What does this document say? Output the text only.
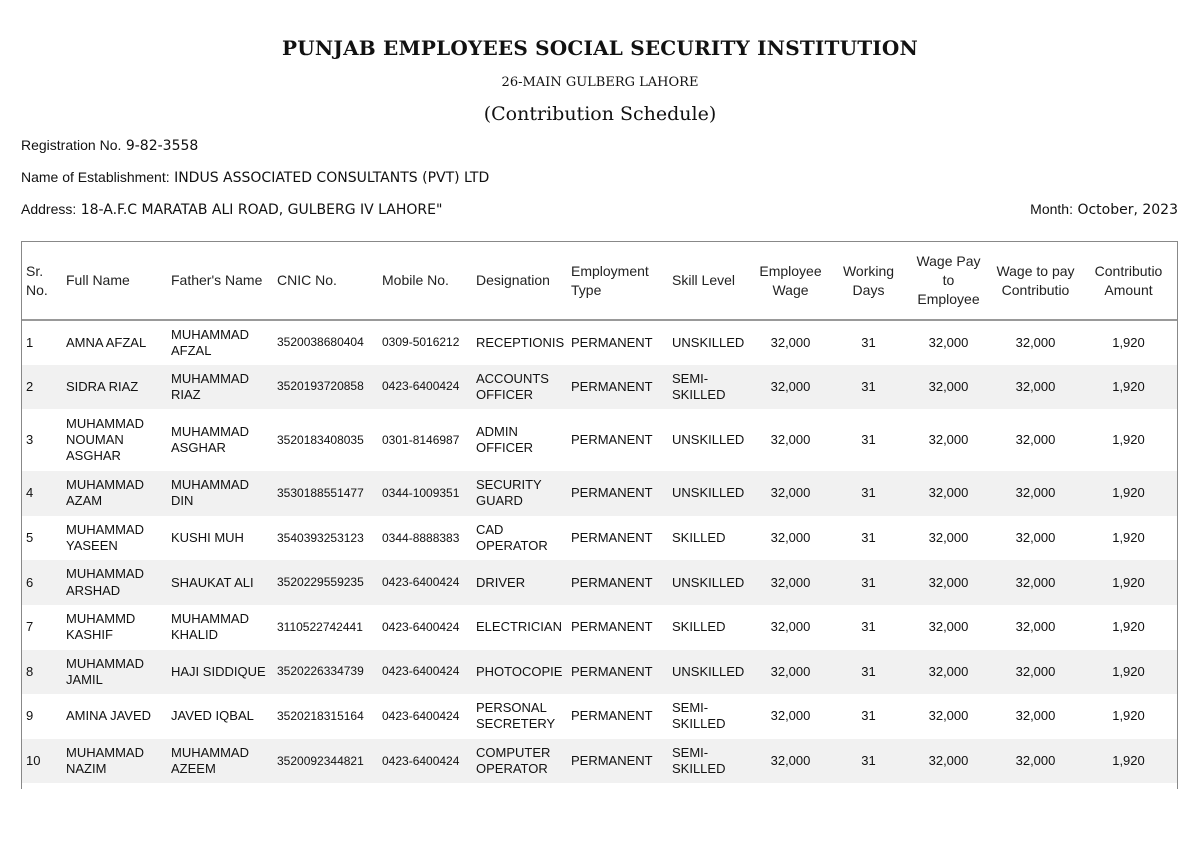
PUNJAB EMPLOYEES SOCIAL SECURITY INSTITUTION
26-MAIN GULBERG LAHORE
(Contribution Schedule)
Registration No. 9-82-3558
Name of Establishment: INDUS ASSOCIATED CONSULTANTS (PVT) LTD
Address: 18-A.F.C MARATAB ALI ROAD, GULBERG IV LAHORE"	Month: October, 2023
Sr. No.	Full Name	Father's Name	CNIC No.	Mobile No.	Designation	Employment Type	Skill Level	Employee Wage	Working Days	Wage Pay to Employee	Wage to pay Contributio	Contributio Amount
1	AMNA AFZAL	MUHAMMAD AFZAL	3520038680404	0309-5016212	RECEPTIONIS	PERMANENT	UNSKILLED	32,000	31	32,000	32,000	1,920
2	SIDRA RIAZ	MUHAMMAD RIAZ	3520193720858	0423-6400424	ACCOUNTS OFFICER	PERMANENT	SEMI-SKILLED	32,000	31	32,000	32,000	1,920
3	MUHAMMAD NOUMAN ASGHAR	MUHAMMAD ASGHAR	3520183408035	0301-8146987	ADMIN OFFICER	PERMANENT	UNSKILLED	32,000	31	32,000	32,000	1,920
4	MUHAMMAD AZAM	MUHAMMAD DIN	3530188551477	0344-1009351	SECURITY GUARD	PERMANENT	UNSKILLED	32,000	31	32,000	32,000	1,920
5	MUHAMMAD YASEEN	KUSHI MUH	3540393253123	0344-8888383	CAD OPERATOR	PERMANENT	SKILLED	32,000	31	32,000	32,000	1,920
6	MUHAMMAD ARSHAD	SHAUKAT ALI	3520229559235	0423-6400424	DRIVER	PERMANENT	UNSKILLED	32,000	31	32,000	32,000	1,920
7	MUHAMMD KASHIF	MUHAMMAD KHALID	3110522742441	0423-6400424	ELECTRICIAN	PERMANENT	SKILLED	32,000	31	32,000	32,000	1,920
8	MUHAMMAD JAMIL	HAJI SIDDIQUE	3520226334739	0423-6400424	PHOTOCOPIE	PERMANENT	UNSKILLED	32,000	31	32,000	32,000	1,920
9	AMINA JAVED	JAVED IQBAL	3520218315164	0423-6400424	PERSONAL SECRETERY	PERMANENT	SEMI-SKILLED	32,000	31	32,000	32,000	1,920
10	MUHAMMAD NAZIM	MUHAMMAD AZEEM	3520092344821	0423-6400424	COMPUTER OPERATOR	PERMANENT	SEMI-SKILLED	32,000	31	32,000	32,000	1,920
